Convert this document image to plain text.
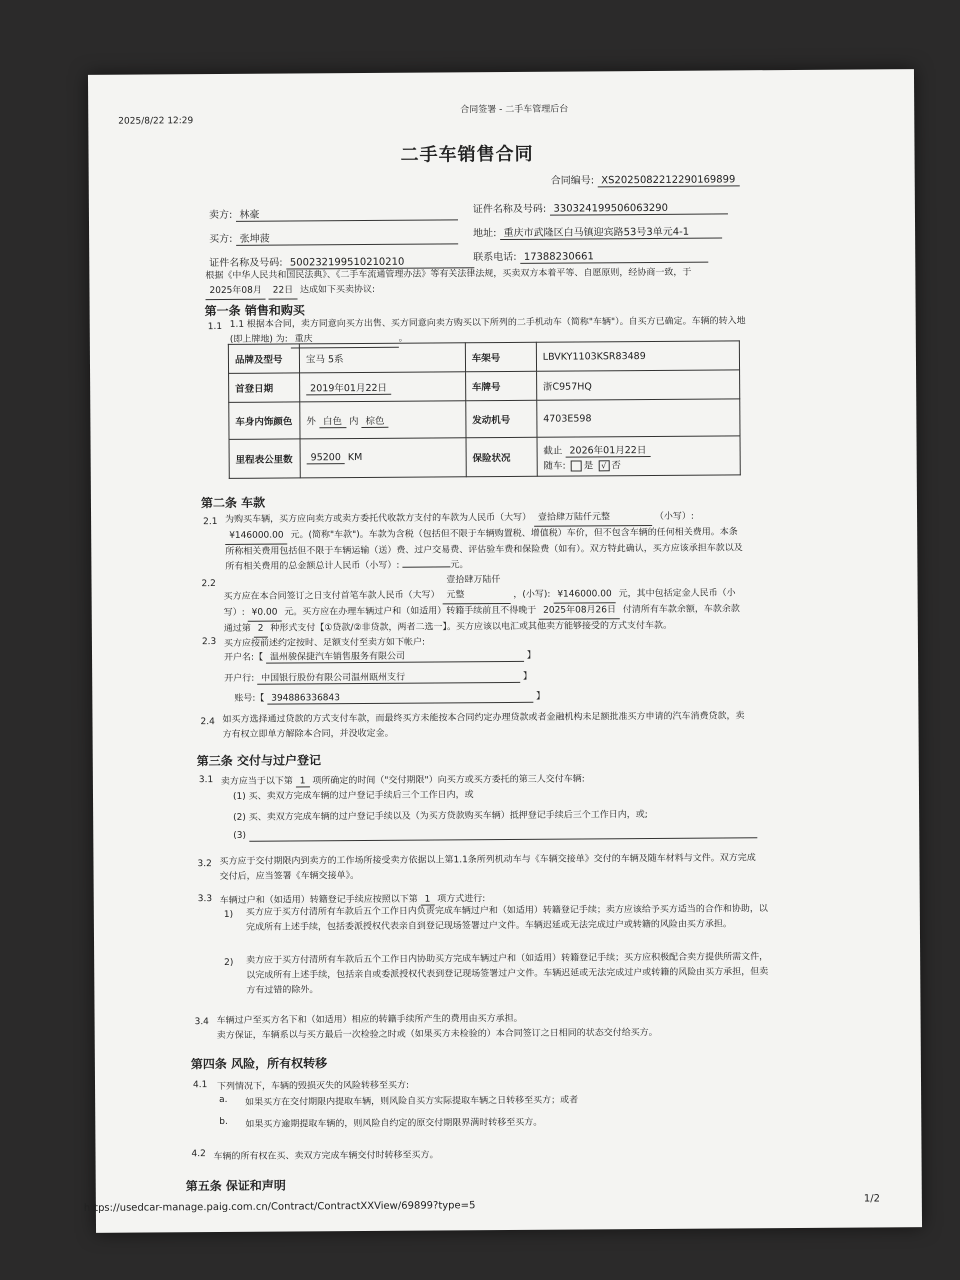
2025/8/22 12:29
合同签署 - 二手车管理后台
二手车销售合同
合同编号: XS2025082212290169899
卖方: 林豪
证件名称及号码: 330324199506063290
买方: 张坤菠
地址: 重庆市武隆区白马镇迎宾路53号3单元4-1
证件名称及号码: 500232199510210210	联系电话: 17388230661
根据《中华人民共和国民法典》、《二手车流通管理办法》等有关法律法规，买卖双方本着平等、自愿原则，经协商一致，于 2025年08月 22日 达成如下买卖协议:
第一条 销售和购买
1.1 1.1 根据本合同，卖方同意向买方出售、买方同意向卖方购买以下所列的二手机动车（简称"车辆"）。自买方已确定。车辆的转入地
(即上牌地) 为: 重庆	。
品牌及型号	宝马 5系	车架号	LBVKY1103KSR83489
首登日期	2019年01月22日	车牌号	浙C957HQ
车身内饰颜色	外 白色 内 棕色	发动机号	4703E598
里程表公里数	95200 KM	保险状况	截止 2026年01月22日
随车: 是 √ 否
第二条 车款
2.1 为购买车辆，买方应向卖方或卖方委托代收款方支付的车款为人民币（大写） 壹拾肆万陆仟元整	（小写）: ¥146000.00 元。(简称"车款")。车款为含税（包括但不限于车辆购置税、增值税）车价，但不包含车辆的任何相关费用。本条所称相关费用包括但不限于车辆运输（送）费、过户交易费、评估验车费和保险费（如有）。双方特此确认，买方应该承担车款以及所有相关费用的总金额总计人民币（小写）:	元。
2.2
买方应在本合同签订之日支付首笔车款人民币（大写） 壹拾肆万陆仟元整	，(小写): ¥146000.00 元，其中包括定金人民币（小写）: ¥0.00 元。买方应在办理车辆过户和（如适用）转籍手续前且不得晚于 2025年08月26日 付清所有车款余额，车款余款通过第 2 种形式支付【①贷款/②非贷款，两者二选一】。买方应该以电汇或其他卖方能够接受的方式支付车款。
2.3 买方应按前述约定按时、足额支付至卖方如下帐户:
开户名:【 温州骏保捷汽车销售服务有限公司	】
开户行: 中国银行股份有限公司温州瓯州支行	】
账号:【 394886336843	】
2.4 如买方选择通过贷款的方式支付车款，而最终买方未能按本合同约定办理贷款或者金融机构未足额批准买方申请的汽车消费贷款，卖方有权立即单方解除本合同，并没收定金。
第三条 交付与过户登记
3.1 卖方应当于以下第 1 项所确定的时间（"交付期限"）向买方或买方委托的第三人交付车辆:
(1) 买、卖双方完成车辆的过户登记手续后三个工作日内，或
(2) 买、卖双方完成车辆的过户登记手续以及（为买方贷款购买车辆）抵押登记手续后三个工作日内，或;
(3)
3.2 买方应于交付期限内到卖方的工作场所接受卖方依据以上第1.1条所列机动车与《车辆交接单》交付的车辆及随车材料与文件。双方完成交付后，应当签署《车辆交接单》。
3.3 车辆过户和（如适用）转籍登记手续应按照以下第 1 项方式进行:
1) 买方应于买方付清所有车款后五个工作日内负责完成车辆过户和（如适用）转籍登记手续；卖方应该给予买方适当的合作和协助，以完成所有上述手续，包括委派授权代表亲自到登记现场签署过户文件。车辆迟延或无法完成过户或转籍的风险由买方承担。
2) 卖方应于买方付清所有车款后五个工作日内协助买方完成车辆过户和（如适用）转籍登记手续；买方应积极配合卖方提供所需文件，以完成所有上述手续，包括亲自或委派授权代表到登记现场签署过户文件。车辆迟延或无法完成过户或转籍的风险由买方承担，但卖方有过错的除外。
3.4 车辆过户至买方名下和（如适用）相应的转籍手续所产生的费用由买方承担。
卖方保证，车辆系以与买方最后一次检验之时或（如果买方未检验的）本合同签订之日相同的状态交付给买方。
第四条 风险，所有权转移
4.1 下列情况下，车辆的毁损灭失的风险转移至买方:
a. 如果买方在交付期限内提取车辆，则风险自买方实际提取车辆之日转移至买方；或者
b. 如果买方逾期提取车辆的，则风险自约定的原交付期限界满时转移至买方。
4.2 车辆的所有权在买、卖双方完成车辆交付时转移至买方。
第五条 保证和声明
https://usedcar-manage.paig.com.cn/Contract/ContractXXView/69899?type=5
1/2
